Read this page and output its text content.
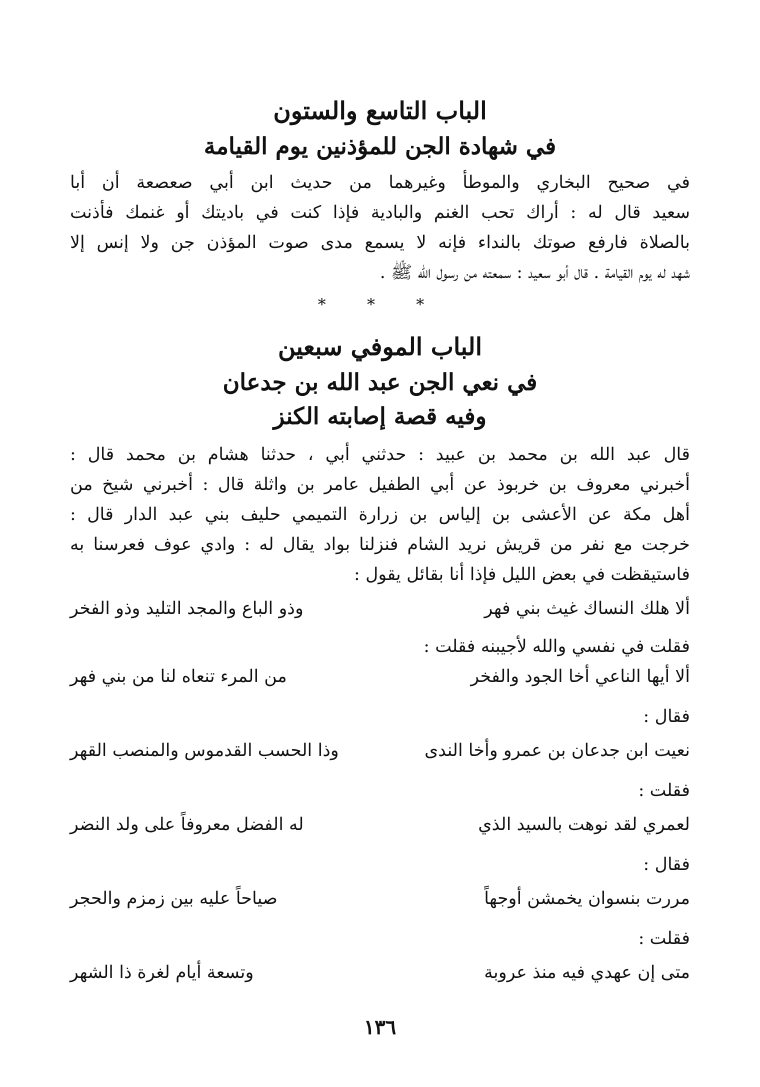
الباب التاسع والستون
في شهادة الجن للمؤذنين يوم القيامة

في صحيح البخاري والموطأ وغيرهما من حديث ابن أبي صعصعة أن أبا
سعيد قال له : أراك تحب الغنم والبادية فإذا كنت في باديتك أو غنمك فأذنت
بالصلاة فارفع صوتك بالنداء فإنه لا يسمع مدى صوت المؤذن جن ولا إنس إلا
شهد له يوم القيامة . قال أبو سعيد : سمعته من رسول الله ﷺ .

* * *
الباب الموفي سبعين
في نعي الجن عبد الله بن جدعان
وفيه قصة إصابته الكنز

قال عبد الله بن محمد بن عبيد : حدثني أبي ، حدثنا هشام بن محمد قال :
أخبرني معروف بن خربوذ عن أبي الطفيل عامر بن واثلة قال : أخبرني شيخ من
أهل مكة عن الأعشى بن إلياس بن زرارة التميمي حليف بني عبد الدار قال :
خرجت مع نفر من قريش نريد الشام فنزلنا بواد يقال له : وادي عوف فعرسنا به
فاستيقظت في بعض الليل فإذا أنا بقائل يقول :

ألا هلك النساك غيث بني فهر
وذو الباع والمجد التليد وذو الفخر
فقلت في نفسي والله لأجيبنه فقلت :
ألا أيها الناعي أخا الجود والفخر
من المرء تنعاه لنا من بني فهر
فقال :
نعيت ابن جدعان بن عمرو وأخا الندى
وذا الحسب القدموس والمنصب القهر
فقلت :
لعمري لقد نوهت بالسيد الذي
له الفضل معروفاً على ولد النضر
فقال :
مررت بنسوان يخمشن أوجهاً
صياحاً عليه بين زمزم والحجر
فقلت :
متى إن عهدي فيه منذ عروبة
وتسعة أيام لغرة ذا الشهر
١٣٦
